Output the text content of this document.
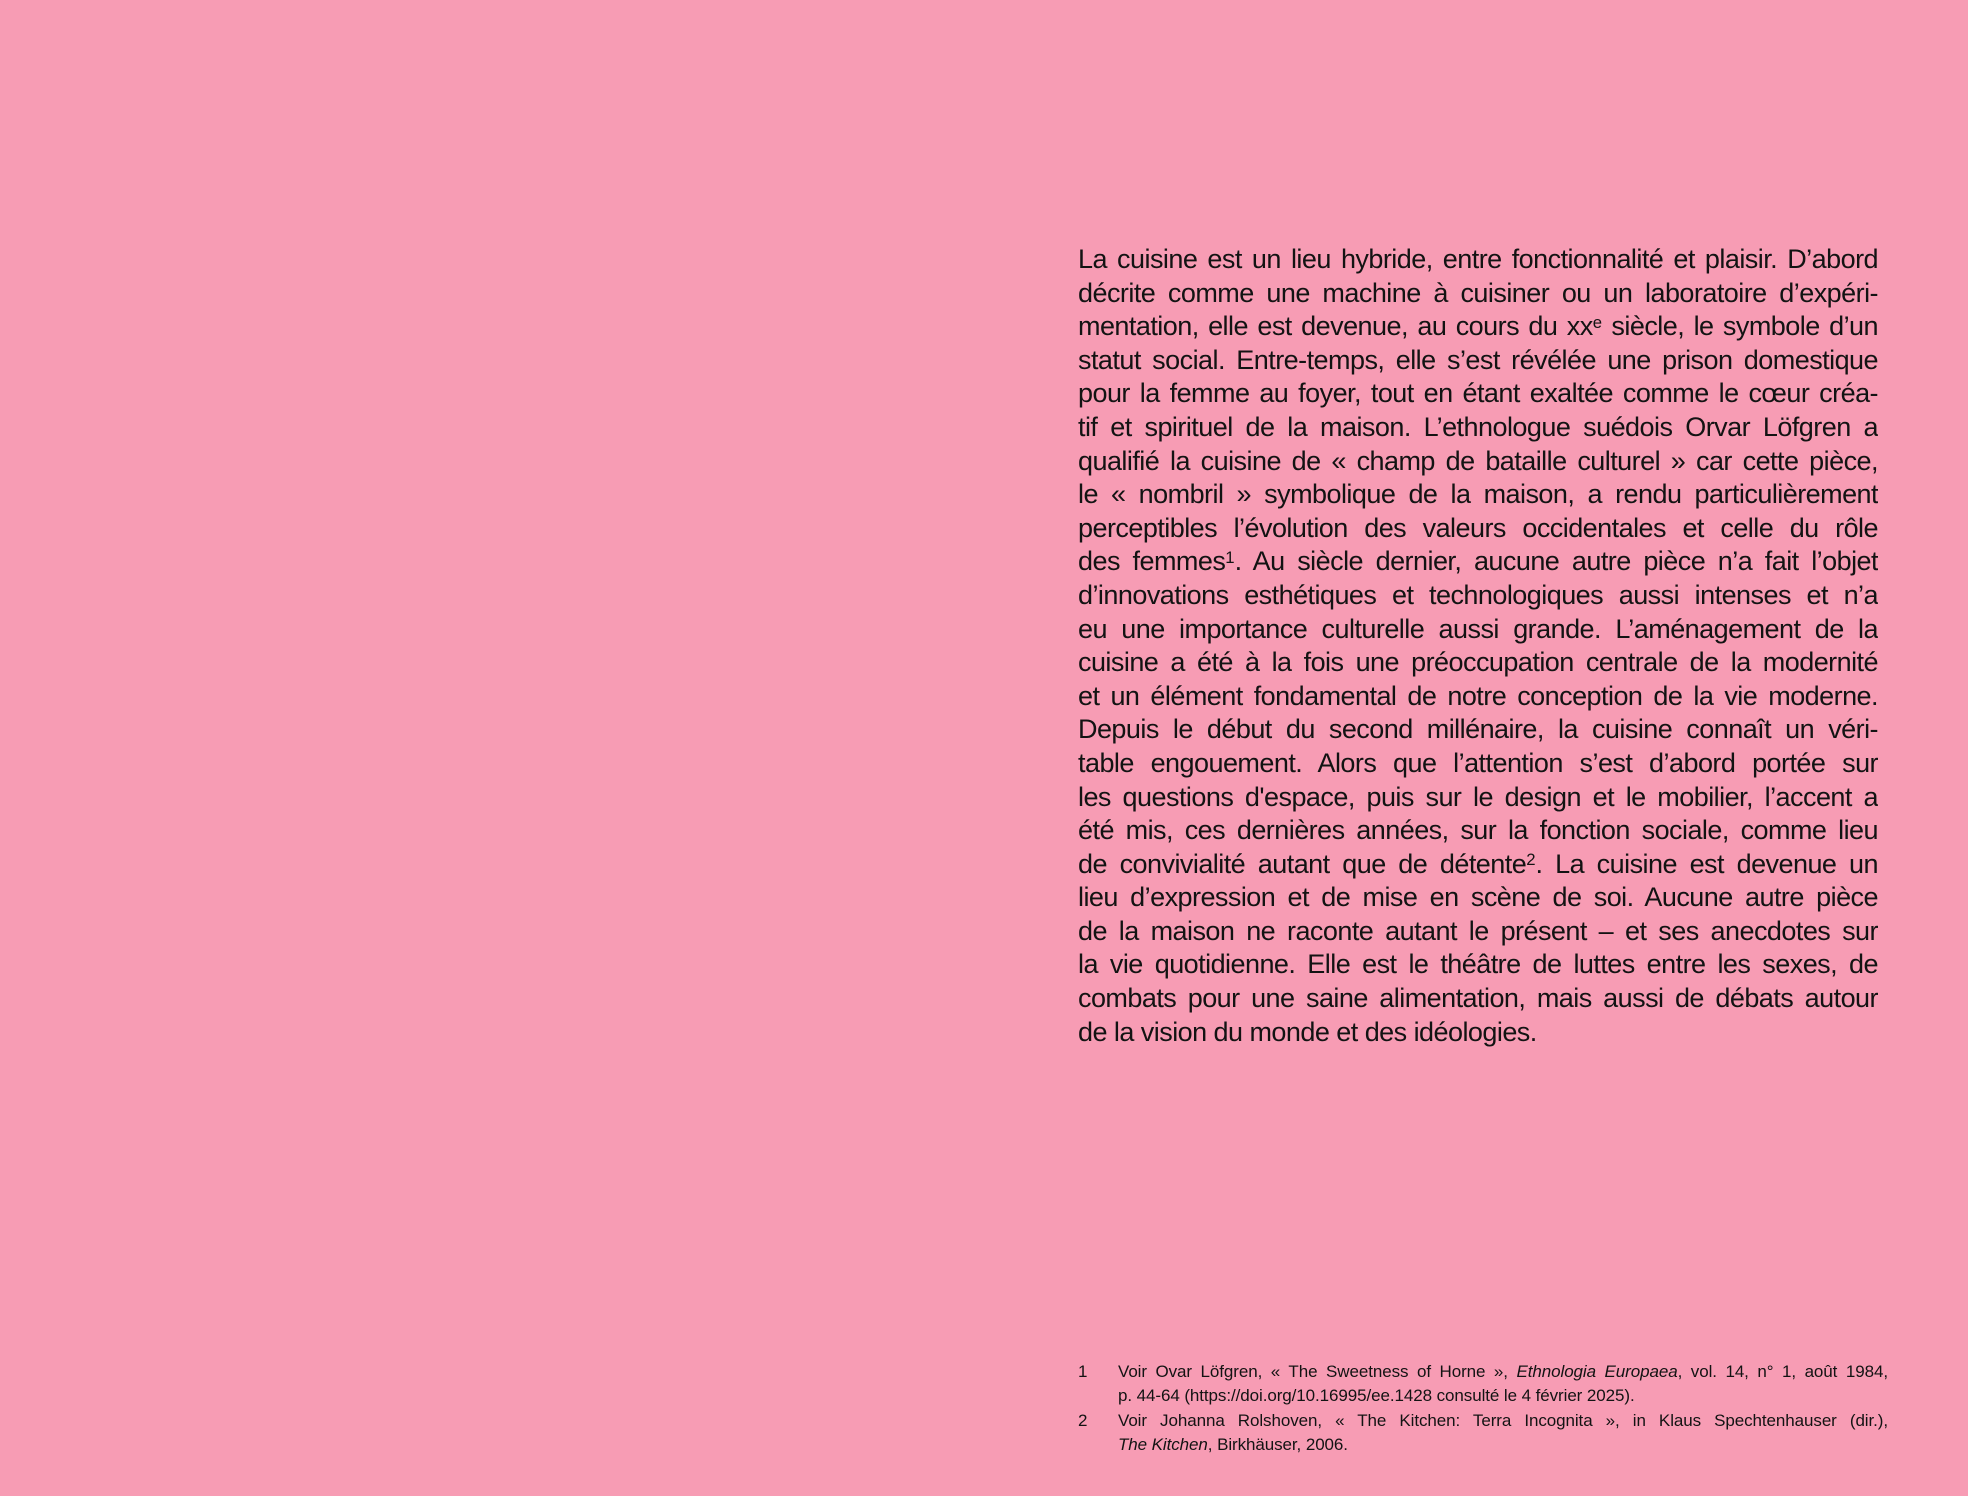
La cuisine est un lieu hybride, entre fonctionnalité et plaisir. D’abord
décrite comme une machine à cuisiner ou un laboratoire d’expéri-
mentation, elle est devenue, au cours du $xx^e$ siècle, le symbole d’un
statut social. Entre-temps, elle s’est révélée une prison domestique
pour la femme au foyer, tout en étant exaltée comme le cœur créa-
tif et spirituel de la maison. L’ethnologue suédois Orvar Löfgren a
qualifié la cuisine de « champ de bataille culturel » car cette pièce,
le « nombril » symbolique de la maison, a rendu particulièrement
perceptibles l’évolution des valeurs occidentales et celle du rôle
des femmes$^1$. Au siècle dernier, aucune autre pièce n’a fait l’objet
d’innovations esthétiques et technologiques aussi intenses et n’a
eu une importance culturelle aussi grande. L’aménagement de la
cuisine a été à la fois une préoccupation centrale de la modernité
et un élément fondamental de notre conception de la vie moderne.
Depuis le début du second millénaire, la cuisine connaît un véri-
table engouement. Alors que l’attention s’est d’abord portée sur
les questions d'espace, puis sur le design et le mobilier, l’accent a
été mis, ces dernières années, sur la fonction sociale, comme lieu
de convivialité autant que de détente$^2$. La cuisine est devenue un
lieu d’expression et de mise en scène de soi. Aucune autre pièce
de la maison ne raconte autant le présent – et ses anecdotes sur
la vie quotidienne. Elle est le théâtre de luttes entre les sexes, de
combats pour une saine alimentation, mais aussi de débats autour
de la vision du monde et des idéologies.
1	Voir Ovar Löfgren, « The Sweetness of Horne », Ethnologia Europaea, vol. 14, n° 1, août 1984,
p. 44-64 (https://doi.org/10.16995/ee.1428 consulté le 4 février 2025).
2	Voir Johanna Rolshoven, « The Kitchen: Terra Incognita », in Klaus Spechtenhauser (dir.),
The Kitchen, Birkhäuser, 2006.
